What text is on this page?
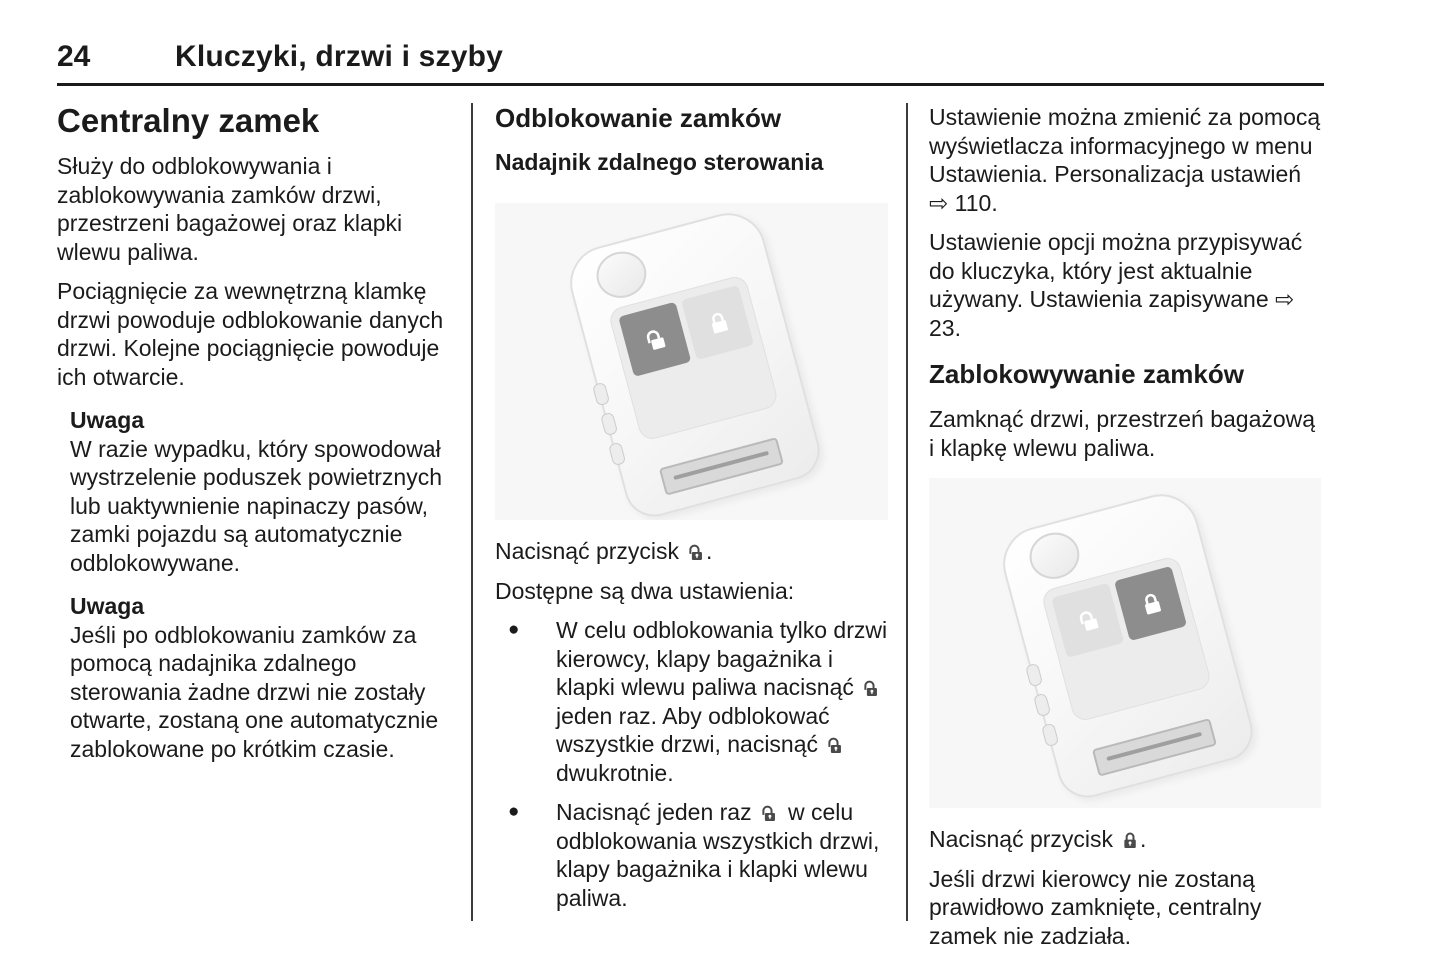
24	Kluczyki, drzwi i szyby
Centralny zamek

Służy do odblokowywania i zablokowywania zamków drzwi, przestrzeni bagażowej oraz klapki wlewu paliwa.

Pociągnięcie za wewnętrzną klamkę drzwi powoduje odblokowanie danych drzwi. Kolejne pociągnięcie powoduje ich otwarcie.

Uwaga
W razie wypadku, który spowodował wystrzelenie poduszek powietrznych lub uaktywnienie napinaczy pasów, zamki pojazdu są automatycznie odblokowywane.
Uwaga
Jeśli po odblokowaniu zamków za pomocą nadajnika zdalnego sterowania żadne drzwi nie zostały otwarte, zostaną one automatycznie zablokowane po krótkim czasie.
Odblokowanie zamków
Nadajnik zdalnego sterowania

Nacisnąć przycisk .

Dostępne są dwa ustawienia:

●	W celu odblokowania tylko drzwi kierowcy, klapy bagażnika i klapki wlewu paliwa nacisnąć jeden raz. Aby odblokować wszystkie drzwi, nacisnąć dwukrotnie.
●	Nacisnąć jeden raz w celu odblokowania wszystkich drzwi, klapy bagażnika i klapki wlewu paliwa.

Ustawienie można zmienić za pomocą wyświetlacza informacyjnego w menu Ustawienia. Personalizacja ustawień ⇨ 110.

Ustawienie opcji można przypisywać do kluczyka, który jest aktualnie używany. Ustawienia zapisywane ⇨ 23.

Zablokowywanie zamków

Zamknąć drzwi, przestrzeń bagażową i klapkę wlewu paliwa.

Nacisnąć przycisk .

Jeśli drzwi kierowcy nie zostaną prawidłowo zamknięte, centralny zamek nie zadziała.
